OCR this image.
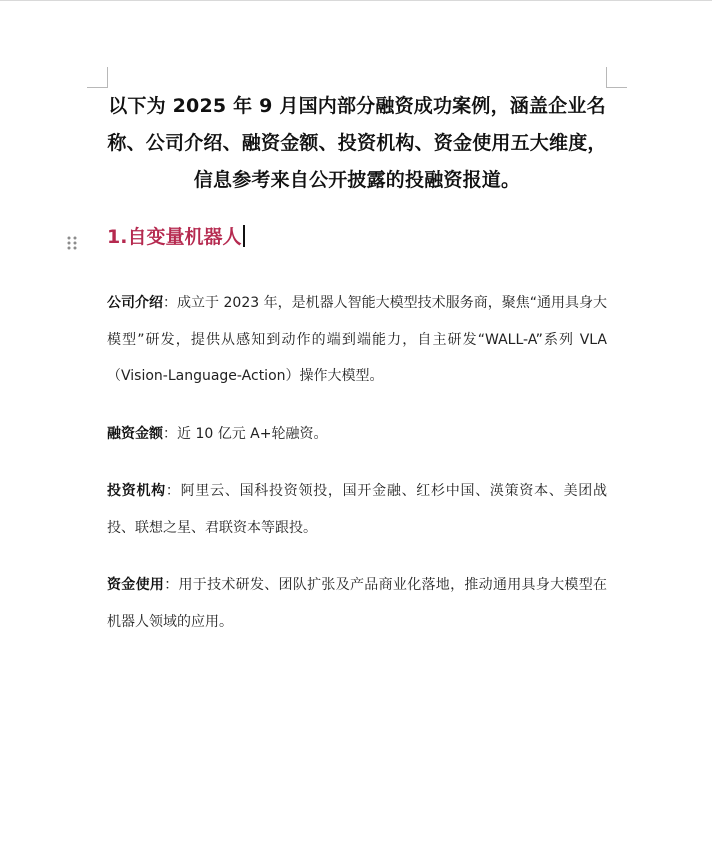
以下为 2025 年 9 月国内部分融资成功案例，涵盖企业名称、公司介绍、融资金额、投资机构、资金使用五大维度，信息参考来自公开披露的投融资报道。

1.自变量机器人

公司介绍：成立于 2023 年，是机器人智能大模型技术服务商，聚焦“通用具身大模型”研发，提供从感知到动作的端到端能力，自主研发“WALL-A”系列 VLA（Vision-Language-Action）操作大模型。

融资金额：近 10 亿元 A+轮融资。

投资机构：阿里云、国科投资领投，国开金融、红杉中国、渶策资本、美团战投、联想之星、君联资本等跟投。

资金使用：用于技术研发、团队扩张及产品商业化落地，推动通用具身大模型在机器人领域的应用。
